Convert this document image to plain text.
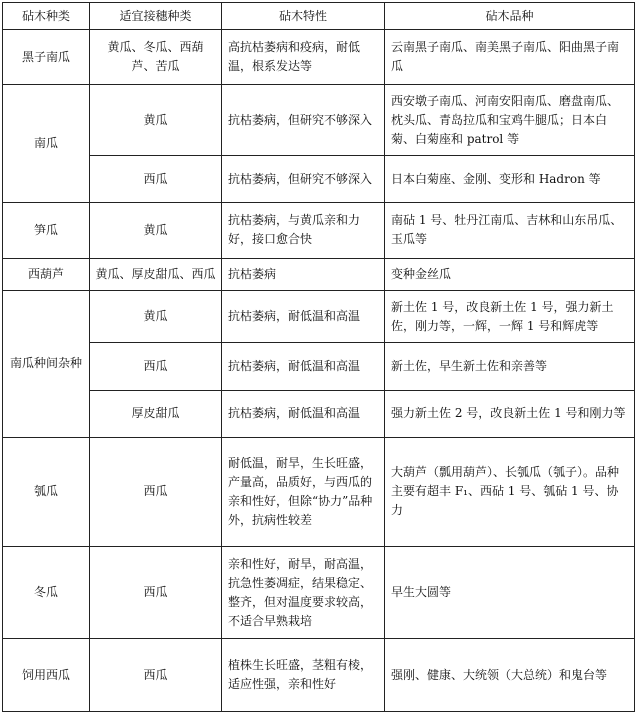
砧木种类	适宜接穗种类	砧木特性	砧木品种
黑子南瓜	黄瓜、冬瓜、西葫芦、苦瓜	高抗枯萎病和疫病，耐低温，根系发达等	云南黑子南瓜、南美黑子南瓜、阳曲黑子南瓜
南瓜	黄瓜	抗枯萎病，但研究不够深入	西安墩子南瓜、河南安阳南瓜、磨盘南瓜、枕头瓜、青岛拉瓜和宝鸡牛腿瓜；日本白菊、白菊座和 patrol 等
	西瓜	抗枯萎病，但研究不够深入	日本白菊座、金刚、变形和 Hadron 等
笋瓜	黄瓜	抗枯萎病，与黄瓜亲和力好，接口愈合快	南砧 1 号、牡丹江南瓜、吉林和山东吊瓜、玉瓜等
西葫芦	黄瓜、厚皮甜瓜、西瓜	抗枯萎病	变种金丝瓜
南瓜种间杂种	黄瓜	抗枯萎病，耐低温和高温	新土佐 1 号，改良新土佐 1 号，强力新土佐，刚力等，一辉，一辉 1 号和辉虎等
	西瓜	抗枯萎病，耐低温和高温	新土佐，早生新土佐和亲善等
	厚皮甜瓜	抗枯萎病，耐低温和高温	强力新土佐 2 号，改良新土佐 1 号和刚力等
瓠瓜	西瓜	耐低温，耐旱，生长旺盛，产量高，品质好，与西瓜的亲和性好，但除“协力”品种外，抗病性较差	大葫芦（瓢用葫芦）、长瓠瓜（瓠子）。品种主要有超丰 F₁、西砧 1 号、瓠砧 1 号、协力
冬瓜	西瓜	亲和性好，耐旱，耐高温，抗急性萎凋症，结果稳定、整齐，但对温度要求较高，不适合早熟栽培	早生大圆等
饲用西瓜	西瓜	植株生长旺盛，茎粗有棱，适应性强，亲和性好	强刚、健康、大统领（大总统）和鬼台等
